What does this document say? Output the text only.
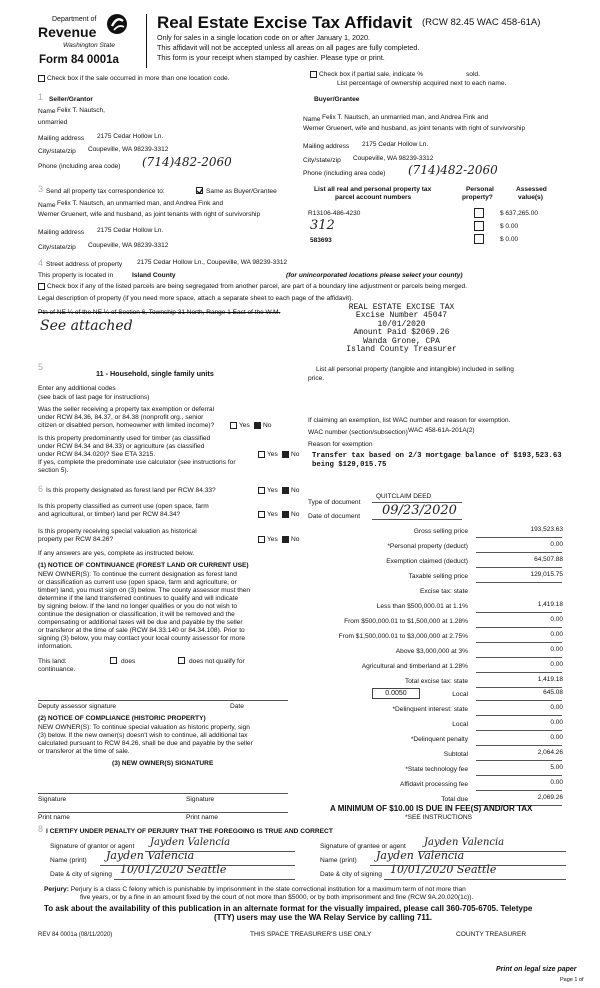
Department of
Revenue
Washington State
Form 84 0001a
Real Estate Excise Tax Affidavit (RCW 82.45 WAC 458-61A)
Only for sales in a single location code on or after January 1, 2020.
This affidavit will not be accepted unless all areas on all pages are fully completed.
This form is your receipt when stamped by cashier. Please type or print.
Check box if the sale occurred in more than one location code.
Check box if partial sale, indicate %	sold.
List percentage of ownership acquired next to each name.
1 Seller/Grantor
Name Felix T. Nautsch,
unmarried
Mailing address 2175 Cedar Hollow Ln.
City/state/zip Coupeville, WA 98239-3312
Phone (including area code) (714)482-2060
Buyer/Grantee
Name Felix T. Nautsch, an unmarried man, and Andrea Fink and
Werner Gruenert, wife and husband, as joint tenants with right of survivorship
Mailing address 2175 Cedar Hollow Ln.
City/state/zip Coupeville, WA 98239-3312
Phone (including area code) (714)482-2060
3 Send all property tax correspondence to:	Same as Buyer/Grantee
Name Felix T. Nautsch, an unmarried man, and Andrea Fink and
Werner Gruenert, wife and husband, as joint tenants with right of survivorship
Mailing address 2175 Cedar Hollow Ln.
City/state/zip Coupeville, WA 98239-3312
List all real and personal property tax
parcel account numbers
Personal
property?
Assessed
value(s)
R13106-486-4230	$ 637,265.00
312	$ 0.00
583693	$ 0.00
4 Street address of property 2175 Cedar Hollow Ln., Coupeville, WA 98239-3312
This property is located in	Island County	(for unincorporated locations please select your county)
Check box if any of the listed parcels are being segregated from another parcel, are part of a boundary line adjustment or parcels being merged.
Legal description of property (if you need more space, attach a separate sheet to each page of the affidavit).
Ptn of NE ¼ of the NE ¼ of Section 6, Township 31 North, Range 1 East of the W.M.
See attached
REAL ESTATE EXCISE TAX
Excise Number 45047
10/01/2020
Amount Paid $2069.26
Wanda Grone, CPA
Island County Treasurer
5
11 - Household, single family units
Enter any additional codes
(see back of last page for instructions)
Was the seller receiving a property tax exemption or deferral
under RCW 84.36, 84.37, or 84.38 (nonprofit org., senior
citizen or disabled person, homeowner with limited income)?	Yes No
Is this property predominantly used for timber (as classified
under RCW 84.34 and 84.33) or agriculture (as classified
under RCW 84.34.020)? See ETA 3215.	Yes No
If yes, complete the predominate use calculator (see instructions for
section 5).
List all personal property (tangible and intangible) included in selling
price.
If claiming an exemption, list WAC number and reason for exemption.
WAC number (section/subsection) WAC 458-61A-201A(2)
Reason for exemption
Transfer tax based on 2/3 mortgage balance of $193,523.63
being $129,015.75
6 Is this property designated as forest land per RCW 84.33?	Yes No
Is this property classified as current use (open space, farm
and agricultural, or timber) land per RCW 84.34?	Yes No
Is this property receiving special valuation as historical
property per RCW 84.26?	Yes No
If any answers are yes, complete as instructed below.
(1) NOTICE OF CONTINUANCE (FOREST LAND OR CURRENT USE)
NEW OWNER(S): To continue the current designation as forest land
or classification as current use (open space, farm and agriculture, or
timber) land, you must sign on (3) below. The county assessor must then
determine if the land transferred continues to qualify and will indicate
by signing below. If the land no longer qualifies or you do not wish to
continue the designation or classification, it will be removed and the
compensating or additional taxes will be due and payable by the seller
or transferor at the time of sale (RCW 84.33.140 or 84.34.108). Prior to
signing (3) below, you may contact your local county assessor for more
information.
This land:	does	does not qualify for
continuance.
Deputy assessor signature	Date
(2) NOTICE OF COMPLIANCE (HISTORIC PROPERTY)
NEW OWNER(S): To continue special valuation as historic property, sign
(3) below. If the new owner(s) doesn't wish to continue, all additional tax
calculated pursuant to RCW 84.26, shall be due and payable by the seller
or transferor at the time of sale.
(3) NEW OWNER(S) SIGNATURE
Signature	Signature
Print name	Print name
Type of document
QUITCLAIM DEED
Date of document 09/23/2020
Gross selling price	193,523.63
*Personal property (deduct)	0.00
Exemption claimed (deduct)	64,507.88
Taxable selling price	129,015.75
Excise tax: state
Less than $500,000.01 at 1.1%	1,419.18
From $500,000.01 to $1,500,000 at 1.28%	0.00
From $1,500,000.01 to $3,000,000 at 2.75%	0.00
Above $3,000,000 at 3%	0.00
Agricultural and timberland at 1.28%	0.00
Total excise tax: state	1,419.18
0.0050	Local	645.08
*Delinquent interest: state	0.00
Local	0.00
*Delinquent penalty	0.00
Subtotal	2,064.26
*State technology fee	5.00
Affidavit processing fee	0.00
Total due	2,069.26
A MINIMUM OF $10.00 IS DUE IN FEE(S) AND/OR TAX
*SEE INSTRUCTIONS
8 I CERTIFY UNDER PENALTY OF PERJURY THAT THE FOREGOING IS TRUE AND CORRECT
Signature of grantor or agent Jayden Valencia
Name (print) Jayden Valencia
Date & city of signing 10/01/2020 Seattle
Signature of grantee or agent Jayden Valencia
Name (print) Jayden Valencia
Date & city of signing 10/01/2020 Seattle
Perjury: Perjury is a class C felony which is punishable by imprisonment in the state correctional institution for a maximum term of not more than
five years, or by a fine in an amount fixed by the court of not more than $5000, or by both imprisonment and fine (RCW 9A.20.020(1c)).
To ask about the availability of this publication in an alternate format for the visually impaired, please call 360-705-6705. Teletype
(TTY) users may use the WA Relay Service by calling 711.
REV 84 0001a (08/11/2020)	THIS SPACE TREASURER'S USE ONLY	COUNTY TREASURER
Print on legal size paper
Page 1 of
